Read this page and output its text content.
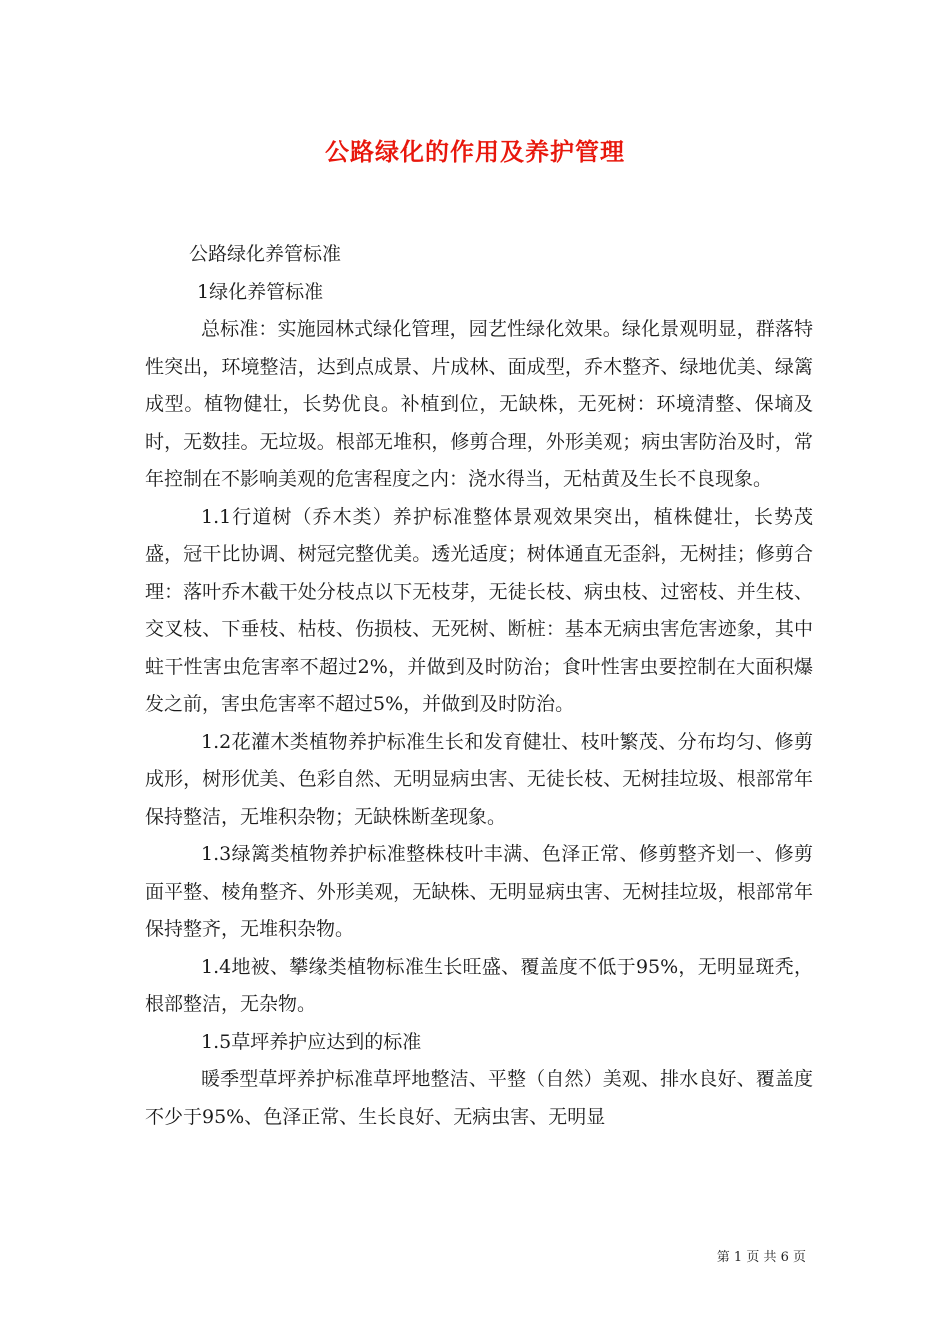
公路绿化的作用及养护管理

公路绿化养管标准

1绿化养管标准

总标准：实施园林式绿化管理，园艺性绿化效果。绿化景观明显，群落特性突出，环境整洁，达到点成景、片成林、面成型，乔木整齐、绿地优美、绿篱成型。植物健壮，长势优良。补植到位，无缺株，无死树：环境清整、保墒及时，无数挂。无垃圾。根部无堆积，修剪合理，外形美观；病虫害防治及时，常年控制在不影响美观的危害程度之内：浇水得当，无枯黄及生长不良现象。

1.1行道树（乔木类）养护标准整体景观效果突出，植株健壮，长势茂盛，冠干比协调、树冠完整优美。透光适度；树体通直无歪斜，无树挂；修剪合理：落叶乔木截干处分枝点以下无枝芽，无徒长枝、病虫枝、过密枝、并生枝、交叉枝、下垂枝、枯枝、伤损枝、无死树、断桩：基本无病虫害危害迹象，其中蛀干性害虫危害率不超过2%，并做到及时防治；食叶性害虫要控制在大面积爆发之前，害虫危害率不超过5%，并做到及时防治。

1.2花灌木类植物养护标准生长和发育健壮、枝叶繁茂、分布均匀、修剪成形，树形优美、色彩自然、无明显病虫害、无徒长枝、无树挂垃圾、根部常年保持整洁，无堆积杂物；无缺株断垄现象。

1.3绿篱类植物养护标准整株枝叶丰满、色泽正常、修剪整齐划一、修剪面平整、棱角整齐、外形美观，无缺株、无明显病虫害、无树挂垃圾，根部常年保持整齐，无堆积杂物。

1.4地被、攀缘类植物标准生长旺盛、覆盖度不低于95%，无明显斑秃，根部整洁，无杂物。

1.5草坪养护应达到的标准

暖季型草坪养护标准草坪地整洁、平整（自然）美观、排水良好、覆盖度不少于95%、色泽正常、生长良好、无病虫害、无明显

第 1 页 共 6 页
